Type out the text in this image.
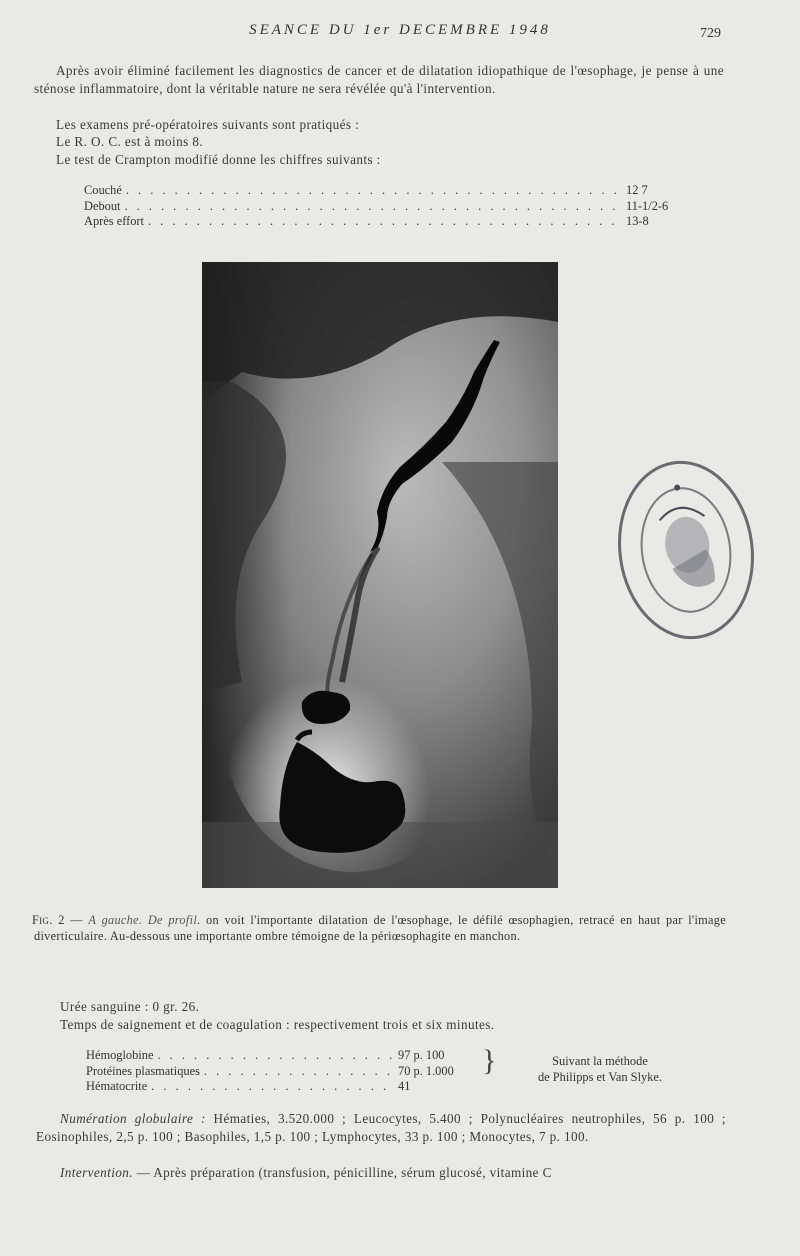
SEANCE DU 1er DECEMBRE 1948	729
Après avoir éliminé facilement les diagnostics de cancer et de dilatation idiopathique de l'œsophage, je pense à une sténose inflammatoire, dont la véritable nature ne sera révélée qu'à l'intervention.
Les examens pré-opératoires suivants sont pratiqués :
Le R. O. C. est à moins 8.
Le test de Crampton modifié donne les chiffres suivants :
Couché . . .	12 7
Debout . . .	11-1/2-6
Après effort . . .	13-8
Fig. 2 — A gauche. De profil. on voit l'importante dilatation de l'œsophage, le défilé œsophagien, retracé en haut par l'image diverticulaire. Au-dessous une importante ombre témoigne de la périœsophagite en manchon.
Urée sanguine : 0 gr. 26.
Temps de saignement et de coagulation : respectivement trois et six minutes.
Hémoglobine . . .	97 p. 100
Protéines plasmatiques . . .	70 p. 1.000
Hématocrite . . .	41
}	Suivant la méthode
de Philipps et Van Slyke.
Numération globulaire : Hématies, 3.520.000 ; Leucocytes, 5.400 ; Polynucléaires neutrophiles, 56 p. 100 ; Eosinophiles, 2,5 p. 100 ; Basophiles, 1,5 p. 100 ; Lymphocytes, 33 p. 100 ; Monocytes, 7 p. 100.
Intervention. — Après préparation (transfusion, pénicilline, sérum glucosé, vitamine C
